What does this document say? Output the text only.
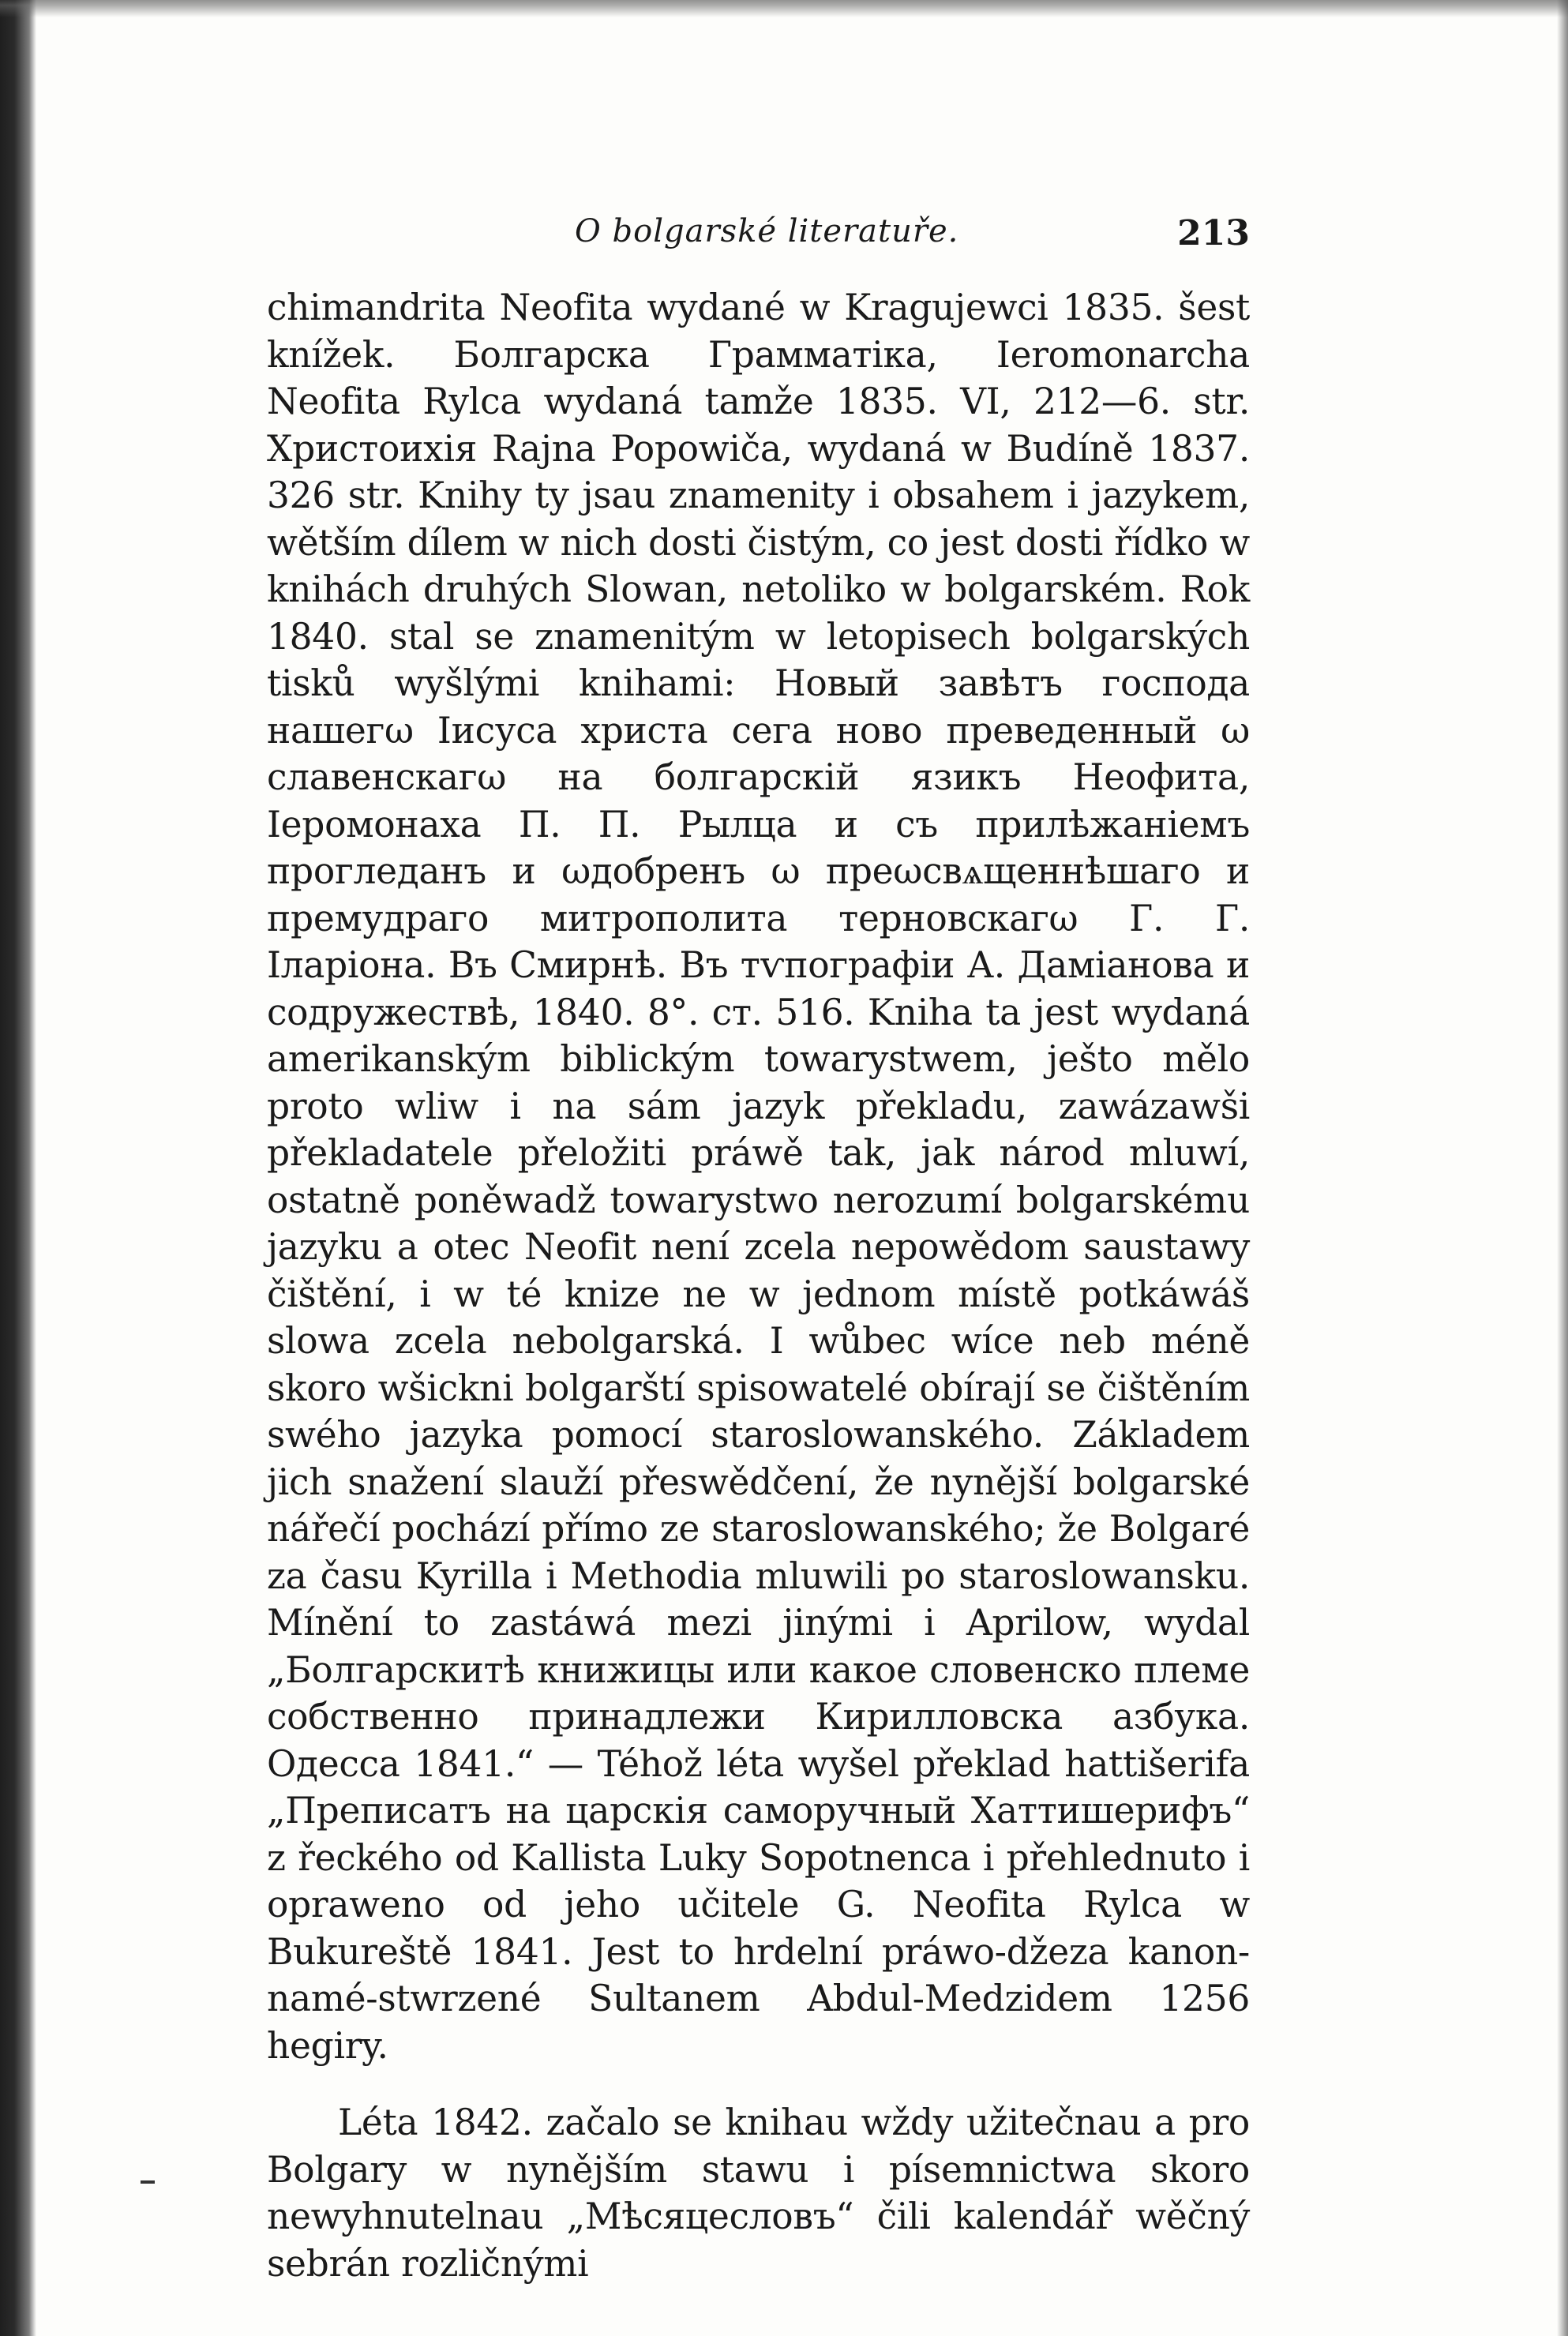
O bolgarské literatuře.	213

chimandrita Neofita wydané w Kragujewci 1835. šest knížek. Болгарска Грамматіка, Ieromonarcha Neofita Rylca wydaná tamže 1835. VI, 212—6. str. Христоихія Rajna Popowiča, wydaná w Budíně 1837. 326 str. Knihy ty jsau znamenity i obsahem i jazykem, wětším dílem w nich dosti čistým, co jest dosti řídko w knihách druhých Slowan, netoliko w bolgarském. Rok 1840. stal se znamenitým w letopisech bolgarských tisků wyšlými knihami: Новый завѣтъ господа нашегω Іисуса христа сега ново преведенный ω славенскагω на болгарскій язикъ Неофита, Іеромонаха П. П. Рылца и съ прилѣжаніемъ прогледанъ и ωдобренъ ω преωсвѧщеннѣшаго и премудраго митрополита терновскагω Г. Г. Іларіона. Въ Смирнѣ. Въ тѵпографіи А. Даміанова и содружествѣ, 1840. 8°. ст. 516. Kniha ta jest wydaná amerikanským biblickým towarystwem, ješto mělo proto wliw i na sám jazyk překladu, zawázawši překladatele přeložiti práwě tak, jak národ mluwí, ostatně poněwadž towarystwo nerozumí bolgarskému jazyku a otec Neofit není zcela nepowědom saustawy čištění, i w té knize ne w jednom místě potkáwáš slowa zcela nebolgarská. I wůbec wíce neb méně skoro wšickni bolgarští spisowatelé obírají se čištěním swého jazyka pomocí staroslowanského. Základem jich snažení slauží přeswědčení, že nynější bolgarské nářečí pochází přímo ze staroslowanského; že Bolgaré za času Kyrilla i Methodia mluwili po staroslowansku. Mínění to zastáwá mezi jinými i Aprilow, wydal „Болгарскитѣ книжицы или какое словенско племе собственно принадлежи Кирилловска азбука. Одесса 1841.“ — Téhož léta wyšel překlad hattišerifa „Преписатъ на царскія саморучный Хаттишерифъ“ z řeckého od Kallista Luky Sopotnenca i přehlednuto i opraweno od jeho učitele G. Neofita Rylca w Bukureště 1841. Jest to hrdelní práwo-džeza kanon-namé-stwrzené Sultanem Abdul-Medzidem 1256 hegiry.

Léta 1842. začalo se knihau wždy užitečnau a pro Bolgary w nynějším stawu i písemnictwa skoro newyhnutelnau „Мѣсяцесловъ“ čili kalendář wěčný sebrán rozličnými
